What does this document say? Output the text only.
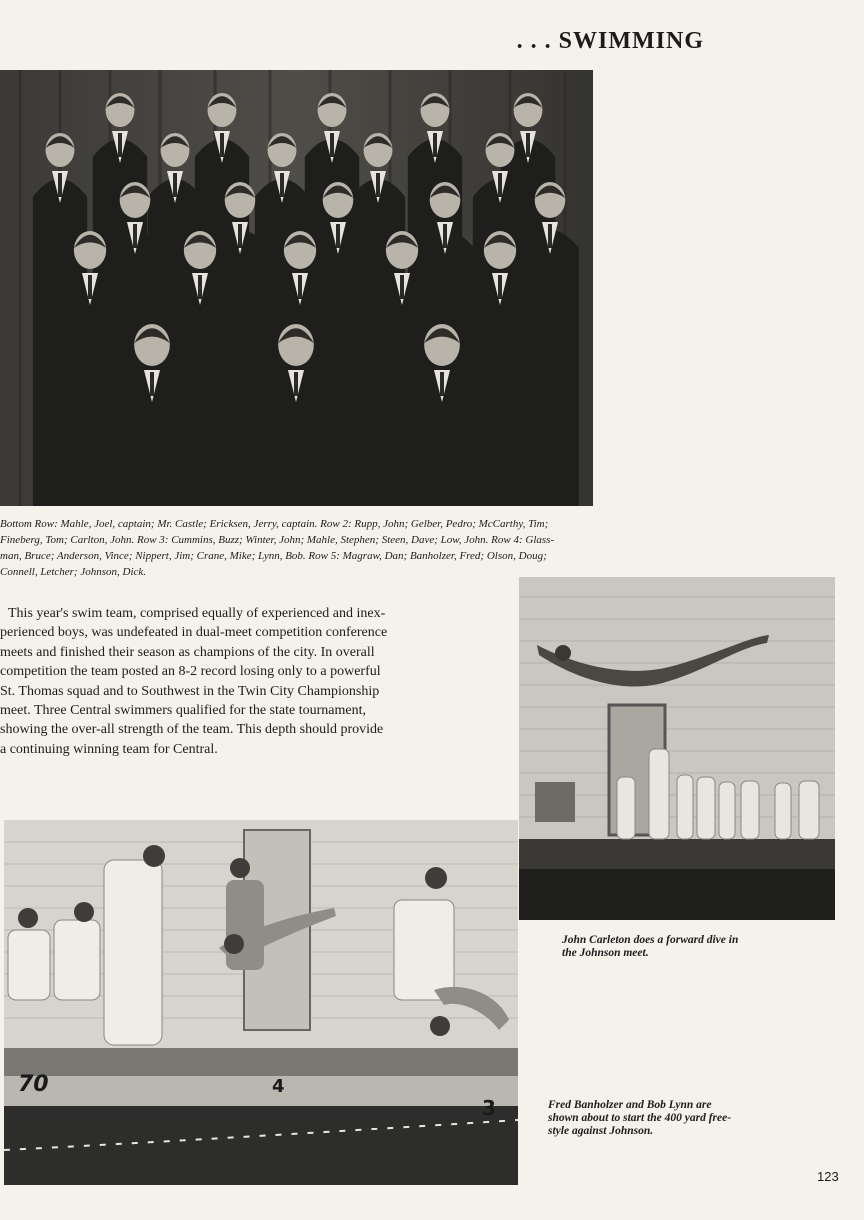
. . . SWIMMING
Bottom Row: Mahle, Joel, captain; Mr. Castle; Ericksen, Jerry, captain. Row 2: Rupp, John; Gelber, Pedro; McCarthy, Tim;
Fineberg, Tom; Carlton, John. Row 3: Cummins, Buzz; Winter, John; Mahle, Stephen; Steen, Dave; Low, John. Row 4: Glass-
man, Bruce; Anderson, Vince; Nippert, Jim; Crane, Mike; Lynn, Bob. Row 5: Magraw, Dan; Banholzer, Fred; Olson, Doug;
Connell, Letcher; Johnson, Dick.
This year's swim team, comprised equally of experienced and inex-
perienced boys, was undefeated in dual-meet competition conference
meets and finished their season as champions of the city. In overall
competition the team posted an 8-2 record losing only to a powerful
St. Thomas squad and to Southwest in the Twin City Championship
meet. Three Central swimmers qualified for the state tournament,
showing the over-all strength of the team. This depth should provide
a continuing winning team for Central.
John Carleton does a forward dive in
the Johnson meet.
70	4
3	Fred Banholzer and Bob Lynn are
shown about to start the 400 yard free-
style against Johnson.
123
